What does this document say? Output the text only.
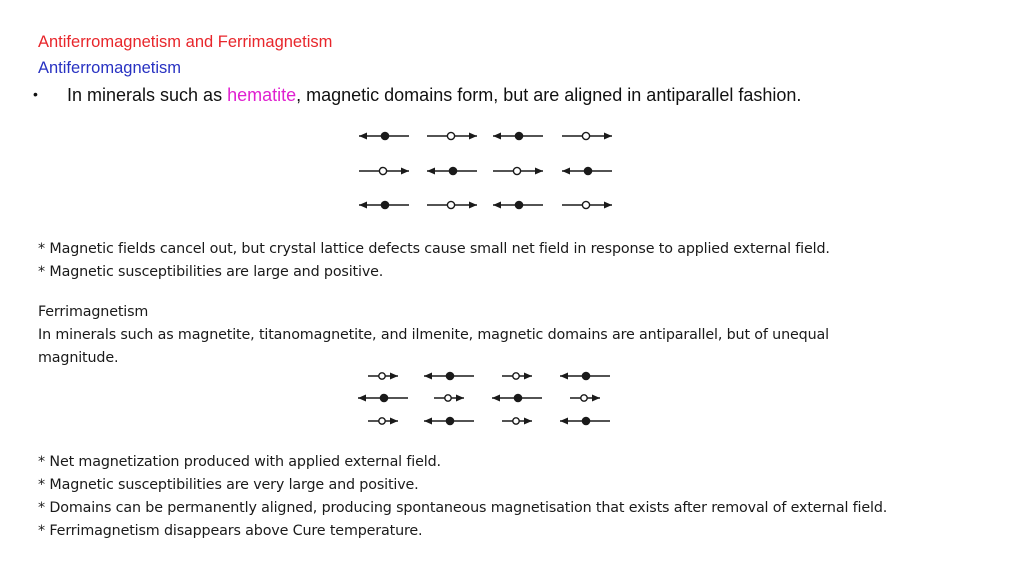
Antiferromagnetism and Ferrimagnetism
Antiferromagnetism
• In minerals such as hematite, magnetic domains form, but are aligned in antiparallel fashion.
* Magnetic fields cancel out, but crystal lattice defects cause small net field in response to applied external field.
* Magnetic susceptibilities are large and positive.
Ferrimagnetism
In minerals such as magnetite, titanomagnetite, and ilmenite, magnetic domains are antiparallel, but of unequal
magnitude.
* Net magnetization produced with applied external field.
* Magnetic susceptibilities are very large and positive.
* Domains can be permanently aligned, producing spontaneous magnetisation that exists after removal of external field.
* Ferrimagnetism disappears above Cure temperature.
